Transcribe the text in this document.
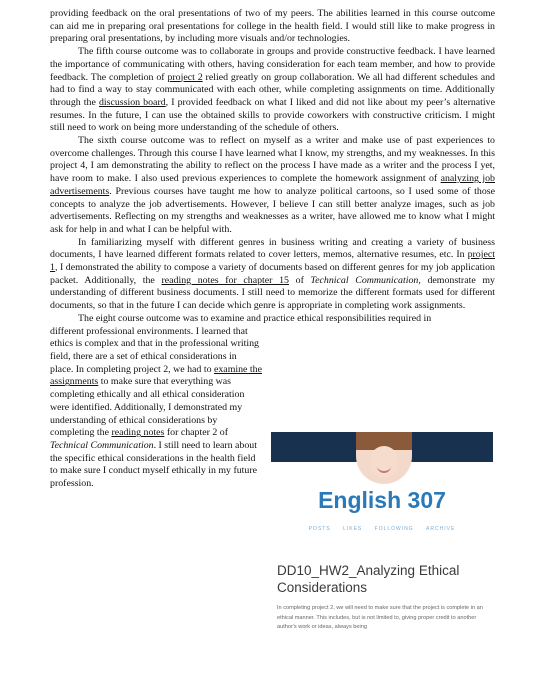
providing feedback on the oral presentations of two of my peers. The abilities learned in this course outcome can aid me in preparing oral presentations for college in the health field. I would still like to make progress in preparing oral presentations, by including more visuals and/or technologies.

The fifth course outcome was to collaborate in groups and provide constructive feedback. I have learned the importance of communicating with others, having consideration for each team member, and how to provide feedback. The completion of project 2 relied greatly on group collaboration. We all had different schedules and had to find a way to stay communicated with each other, while completing assignments on time. Additionally through the discussion board, I provided feedback on what I liked and did not like about my peer’s alternative resumes. In the future, I can use the obtained skills to provide coworkers with constructive criticism. I might still need to work on being more understanding of the schedule of others.

The sixth course outcome was to reflect on myself as a writer and make use of past experiences to overcome challenges. Through this course I have learned what I know, my strengths, and my weaknesses. In this project 4, I am demonstrating the ability to reflect on the process I have made as a writer and the process I yet, have room to make. I also used previous experiences to complete the homework assignment of analyzing job advertisements. Previous courses have taught me how to analyze political cartoons, so I used some of those concepts to analyze the job advertisements. However, I believe I can still better analyze images, such as job advertisements. Reflecting on my strengths and weaknesses as a writer, have allowed me to know what I might ask for help in and what I can be helpful with.

In familiarizing myself with different genres in business writing and creating a variety of business documents, I have learned different formats related to cover letters, memos, alternative resumes, etc. In project 1, I demonstrated the ability to compose a variety of documents based on different genres for my job application packet. Additionally, the reading notes for chapter 15 of Technical Communication, demonstrate my understanding of different business documents. I still need to memorize the different formats used for different documents, so that in the future I can decide which genre is appropriate in completing work assignments.

The eight course outcome was to examine and practice ethical responsibilities required in

different professional environments. I learned that ethics is complex and that in the professional writing field, there are a set of ethical considerations in place. In completing project 2, we had to examine the assignments to make sure that everything was completing ethically and all ethical consideration were identified. Additionally, I demonstrated my understanding of ethical considerations by completing the reading notes for chapter 2 of Technical Communication. I still need to learn about the specific ethical considerations in the health field to make sure I conduct myself ethically in my future profession.

English 307
POSTS LIKES FOLLOWING ARCHIVE
DD10_HW2_Analyzing Ethical Considerations
In completing project 2, we will need to make sure that the project is complete in an ethical manner. This includes, but is not limited to, giving proper credit to another author's work or ideas, always being
